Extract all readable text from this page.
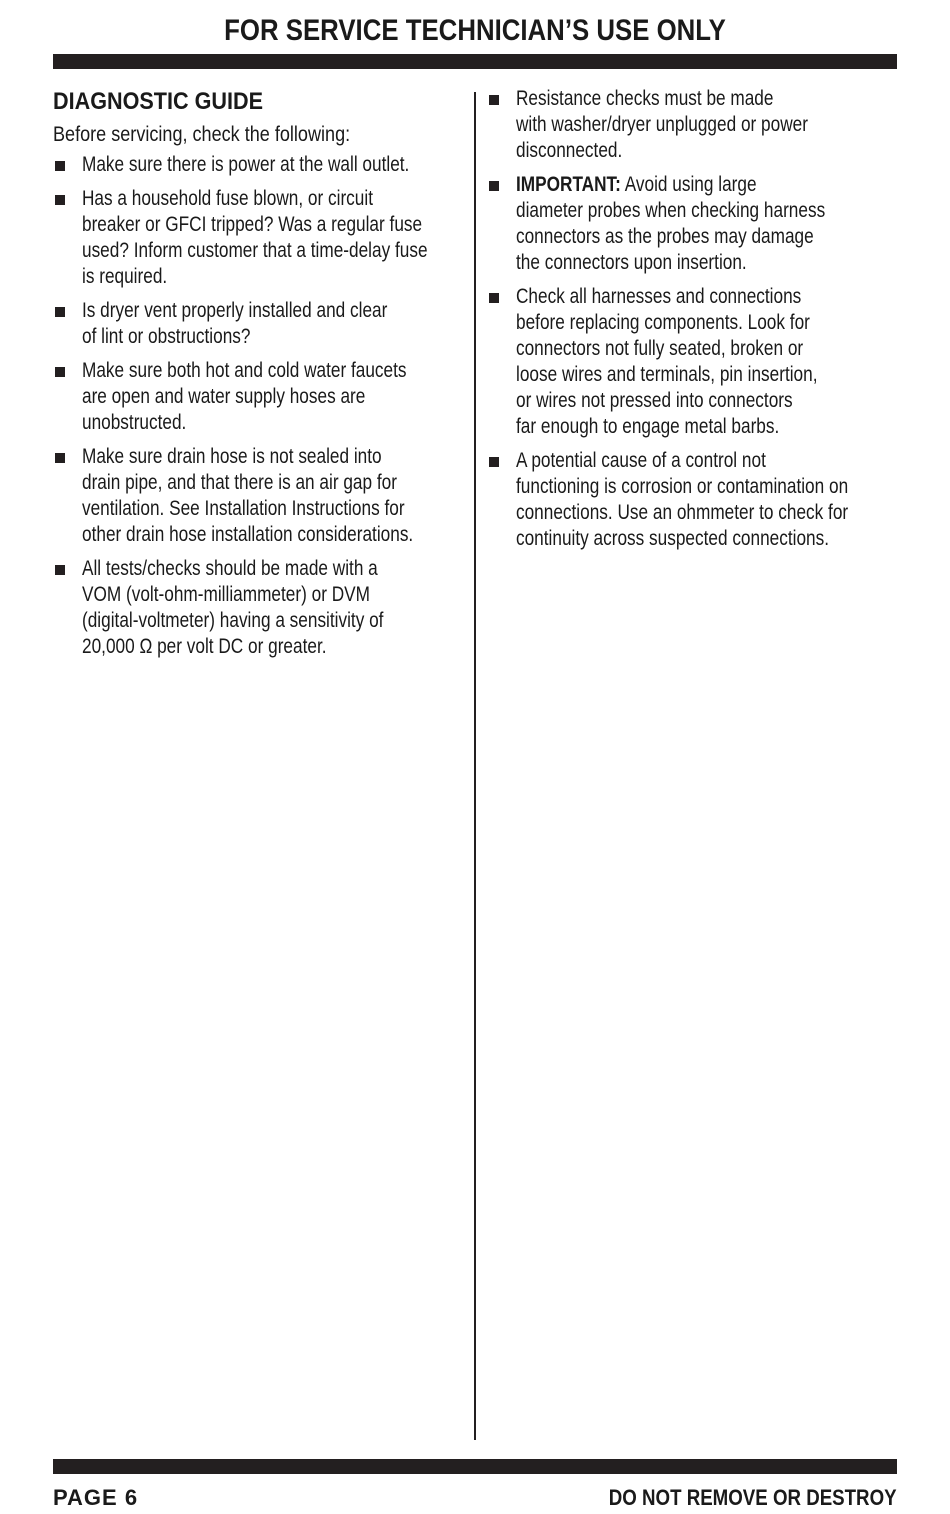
FOR SERVICE TECHNICIAN’S USE ONLY
DIAGNOSTIC GUIDE
Before servicing, check the following:
Make sure there is power at the wall outlet.
Has a household fuse blown, or circuit
breaker or GFCI tripped? Was a regular fuse
used? Inform customer that a time-delay fuse
is required.
Is dryer vent properly installed and clear
of lint or obstructions?
Make sure both hot and cold water faucets
are open and water supply hoses are
unobstructed.
Make sure drain hose is not sealed into
drain pipe, and that there is an air gap for
ventilation. See Installation Instructions for
other drain hose installation considerations.
All tests/checks should be made with a
VOM (volt-ohm-milliammeter) or DVM
(digital-voltmeter) having a sensitivity of
20,000 Ω per volt DC or greater.
Resistance checks must be made
with washer/dryer unplugged or power
disconnected.
IMPORTANT: Avoid using large
diameter probes when checking harness
connectors as the probes may damage
the connectors upon insertion.
Check all harnesses and connections
before replacing components. Look for
connectors not fully seated, broken or
loose wires and terminals, pin insertion,
or wires not pressed into connectors
far enough to engage metal barbs.
A potential cause of a control not
functioning is corrosion or contamination on
connections. Use an ohmmeter to check for
continuity across suspected connections.
PAGE 6	DO NOT REMOVE OR DESTROY
